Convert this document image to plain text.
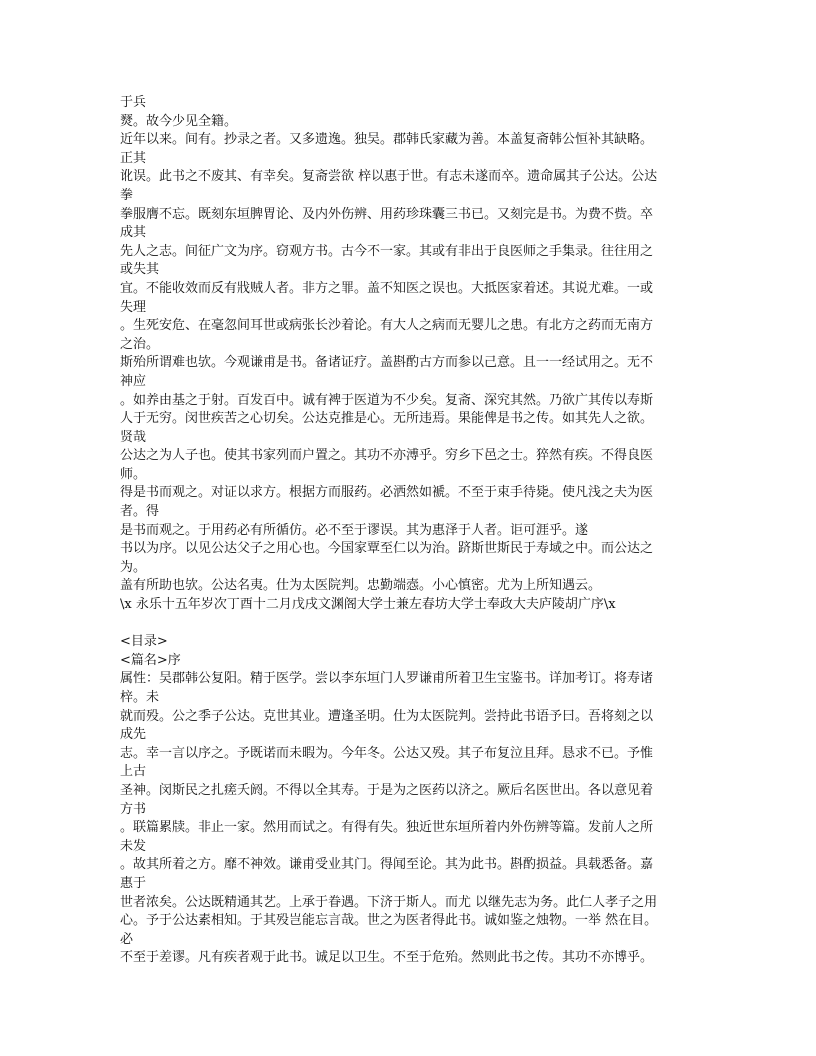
于兵
燹。故今少见全籍。
近年以来。间有。抄录之者。又多遗逸。独吴。郡韩氏家藏为善。本盖复斋韩公恒补其缺略。
正其
讹误。此书之不废其、有幸矣。复斋尝欲 梓以惠于世。有志未遂而卒。遗命属其子公达。公达
拳
拳服膺不忘。既刻东垣脾胃论、及内外伤辨、用药珍珠囊三书已。又刻完是书。为费不赀。卒
成其
先人之志。间征广文为序。窃观方书。古今不一家。其或有非出于良医师之手集录。往往用之
或失其
宜。不能收效而反有戕贼人者。非方之罪。盖不知医之误也。大抵医家着述。其说尤难。一或
失理
。生死安危、在毫忽间耳世或病张长沙着论。有大人之病而无婴儿之患。有北方之药而无南方
之治。
斯殆所谓难也欤。今观谦甫是书。备诸证疗。盖斟酌古方而参以己意。且一一经试用之。无不
神应
。如养由基之于射。百发百中。诚有裨于医道为不少矣。复斋、深究其然。乃欲广其传以寿斯
人于无穷。闵世疾苦之心切矣。公达克推是心。无所违焉。果能俾是书之传。如其先人之欲。
贤哉
公达之为人子也。使其书家列而户置之。其功不亦溥乎。穷乡下邑之士。猝然有疾。不得良医
师。
得是书而观之。对证以求方。根据方而服药。必洒然如褫。不至于束手待毙。使凡浅之夫为医
者。得
是书而观之。于用药必有所循仿。必不至于谬误。其为惠泽于人者。讵可涯乎。遂
书以为序。以见公达父子之用心也。今国家覃至仁以为治。跻斯世斯民于寿域之中。而公达之
为。
盖有所助也欤。公达名夷。仕为太医院判。忠勤端悫。小心慎密。尤为上所知遇云。
\x 永乐十五年岁次丁酉十二月戊戌文渊阁大学士兼左春坊大学士奉政大夫庐陵胡广序\x
<目录>
<篇名>序
属性：吴郡韩公复阳。精于医学。尝以李东垣门人罗谦甫所着卫生宝鉴书。详加考订。将寿诸
梓。未
就而殁。公之季子公达。克世其业。遭逢圣明。仕为太医院判。尝持此书语予曰。吾将刻之以
成先
志。幸一言以序之。予既诺而未暇为。今年冬。公达又殁。其子布复泣且拜。恳求不已。予惟
上古
圣神。闵斯民之扎瘥夭阏。不得以全其寿。于是为之医药以济之。厥后名医世出。各以意见着
方书
。联篇累牍。非止一家。然用而试之。有得有失。独近世东垣所着内外伤辨等篇。发前人之所
未发
。故其所着之方。靡不神效。谦甫受业其门。得闻至论。其为此书。斟酌损益。具载悉备。嘉
惠于
世者浓矣。公达既精通其艺。上承于眷遇。下济于斯人。而尤 以继先志为务。此仁人孝子之用
心。予于公达素相知。于其殁岂能忘言哉。世之为医者得此书。诚如鉴之烛物。一举 然在目。
必
不至于差谬。凡有疾者观于此书。诚足以卫生。不至于危殆。然则此书之传。其功不亦博乎。
